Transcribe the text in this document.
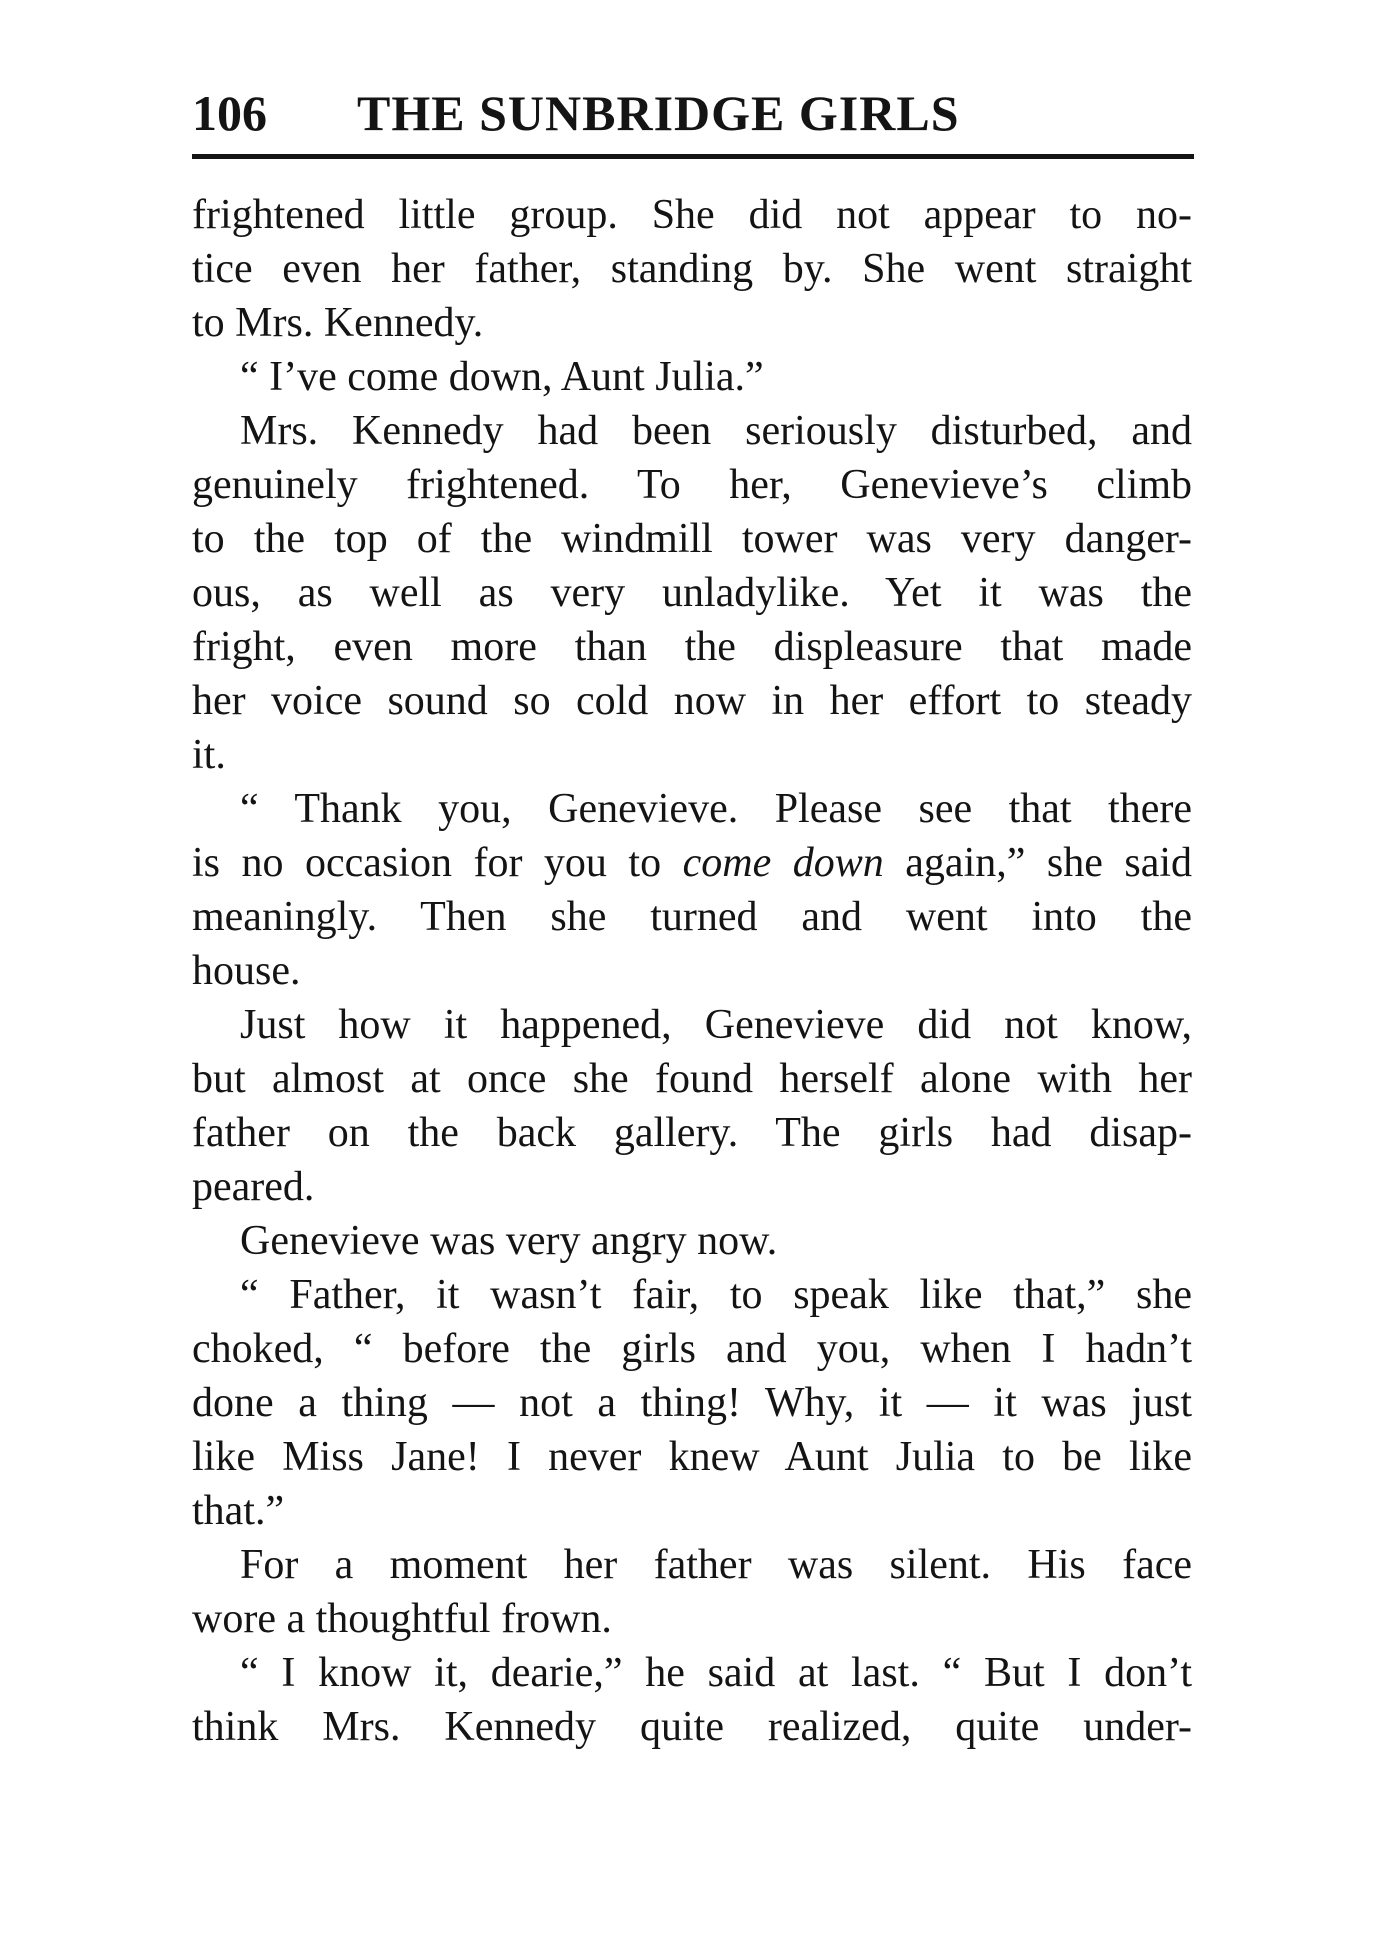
106 THE SUNBRIDGE GIRLS
frightened little group. She did not appear to no-
tice even her father, standing by. She went straight
to Mrs. Kennedy.
“ I’ve come down, Aunt Julia.”
Mrs. Kennedy had been seriously disturbed, and
genuinely frightened. To her, Genevieve’s climb
to the top of the windmill tower was very danger-
ous, as well as very unladylike. Yet it was the
fright, even more than the displeasure that made
her voice sound so cold now in her effort to steady
it.
“ Thank you, Genevieve. Please see that there
is no occasion for you to come down again,” she said
meaningly. Then she turned and went into the
house.
Just how it happened, Genevieve did not know,
but almost at once she found herself alone with her
father on the back gallery. The girls had disap-
peared.
Genevieve was very angry now.
“ Father, it wasn’t fair, to speak like that,” she
choked, “ before the girls and you, when I hadn’t
done a thing — not a thing! Why, it — it was just
like Miss Jane! I never knew Aunt Julia to be like
that.”
For a moment her father was silent. His face
wore a thoughtful frown.
“ I know it, dearie,” he said at last. “ But I don’t
think Mrs. Kennedy quite realized, quite under-
